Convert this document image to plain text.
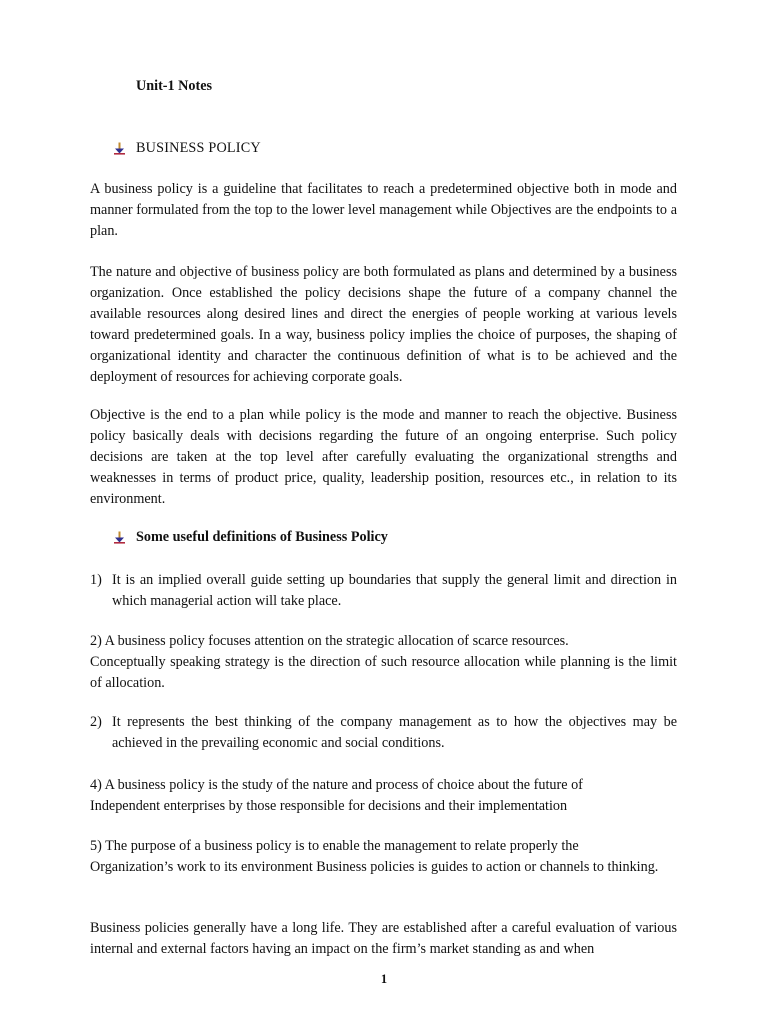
Unit-1 Notes

BUSINESS POLICY

A business policy is a guideline that facilitates to reach a predetermined objective both in mode and manner formulated from the top to the lower level management while Objectives are the endpoints to a plan.

The nature and objective of business policy are both formulated as plans and determined by a business organization. Once established the policy decisions shape the future of a company channel the available resources along desired lines and direct the energies of people working at various levels toward predetermined goals. In a way, business policy implies the choice of purposes, the shaping of organizational identity and character the continuous definition of what is to be achieved and the deployment of resources for achieving corporate goals.

Objective is the end to a plan while policy is the mode and manner to reach the objective. Business policy basically deals with decisions regarding the future of an ongoing enterprise. Such policy decisions are taken at the top level after carefully evaluating the organizational strengths and weaknesses in terms of product price, quality, leadership position, resources etc., in relation to its environment.

Some useful definitions of Business Policy
1) It is an implied overall guide setting up boundaries that supply the general limit and direction in which managerial action will take place.

2) A business policy focuses attention on the strategic allocation of scarce resources.

Conceptually speaking strategy is the direction of such resource allocation while planning is the limit of allocation.

2) It represents the best thinking of the company management as to how the objectives may be achieved in the prevailing economic and social conditions.

4) A business policy is the study of the nature and process of choice about the future of

Independent enterprises by those responsible for decisions and their implementation

5) The purpose of a business policy is to enable the management to relate properly the

Organization’s work to its environment Business policies is guides to action or channels to thinking.

Business policies generally have a long life. They are established after a careful evaluation of various internal and external factors having an impact on the firm’s market standing as and when

1
